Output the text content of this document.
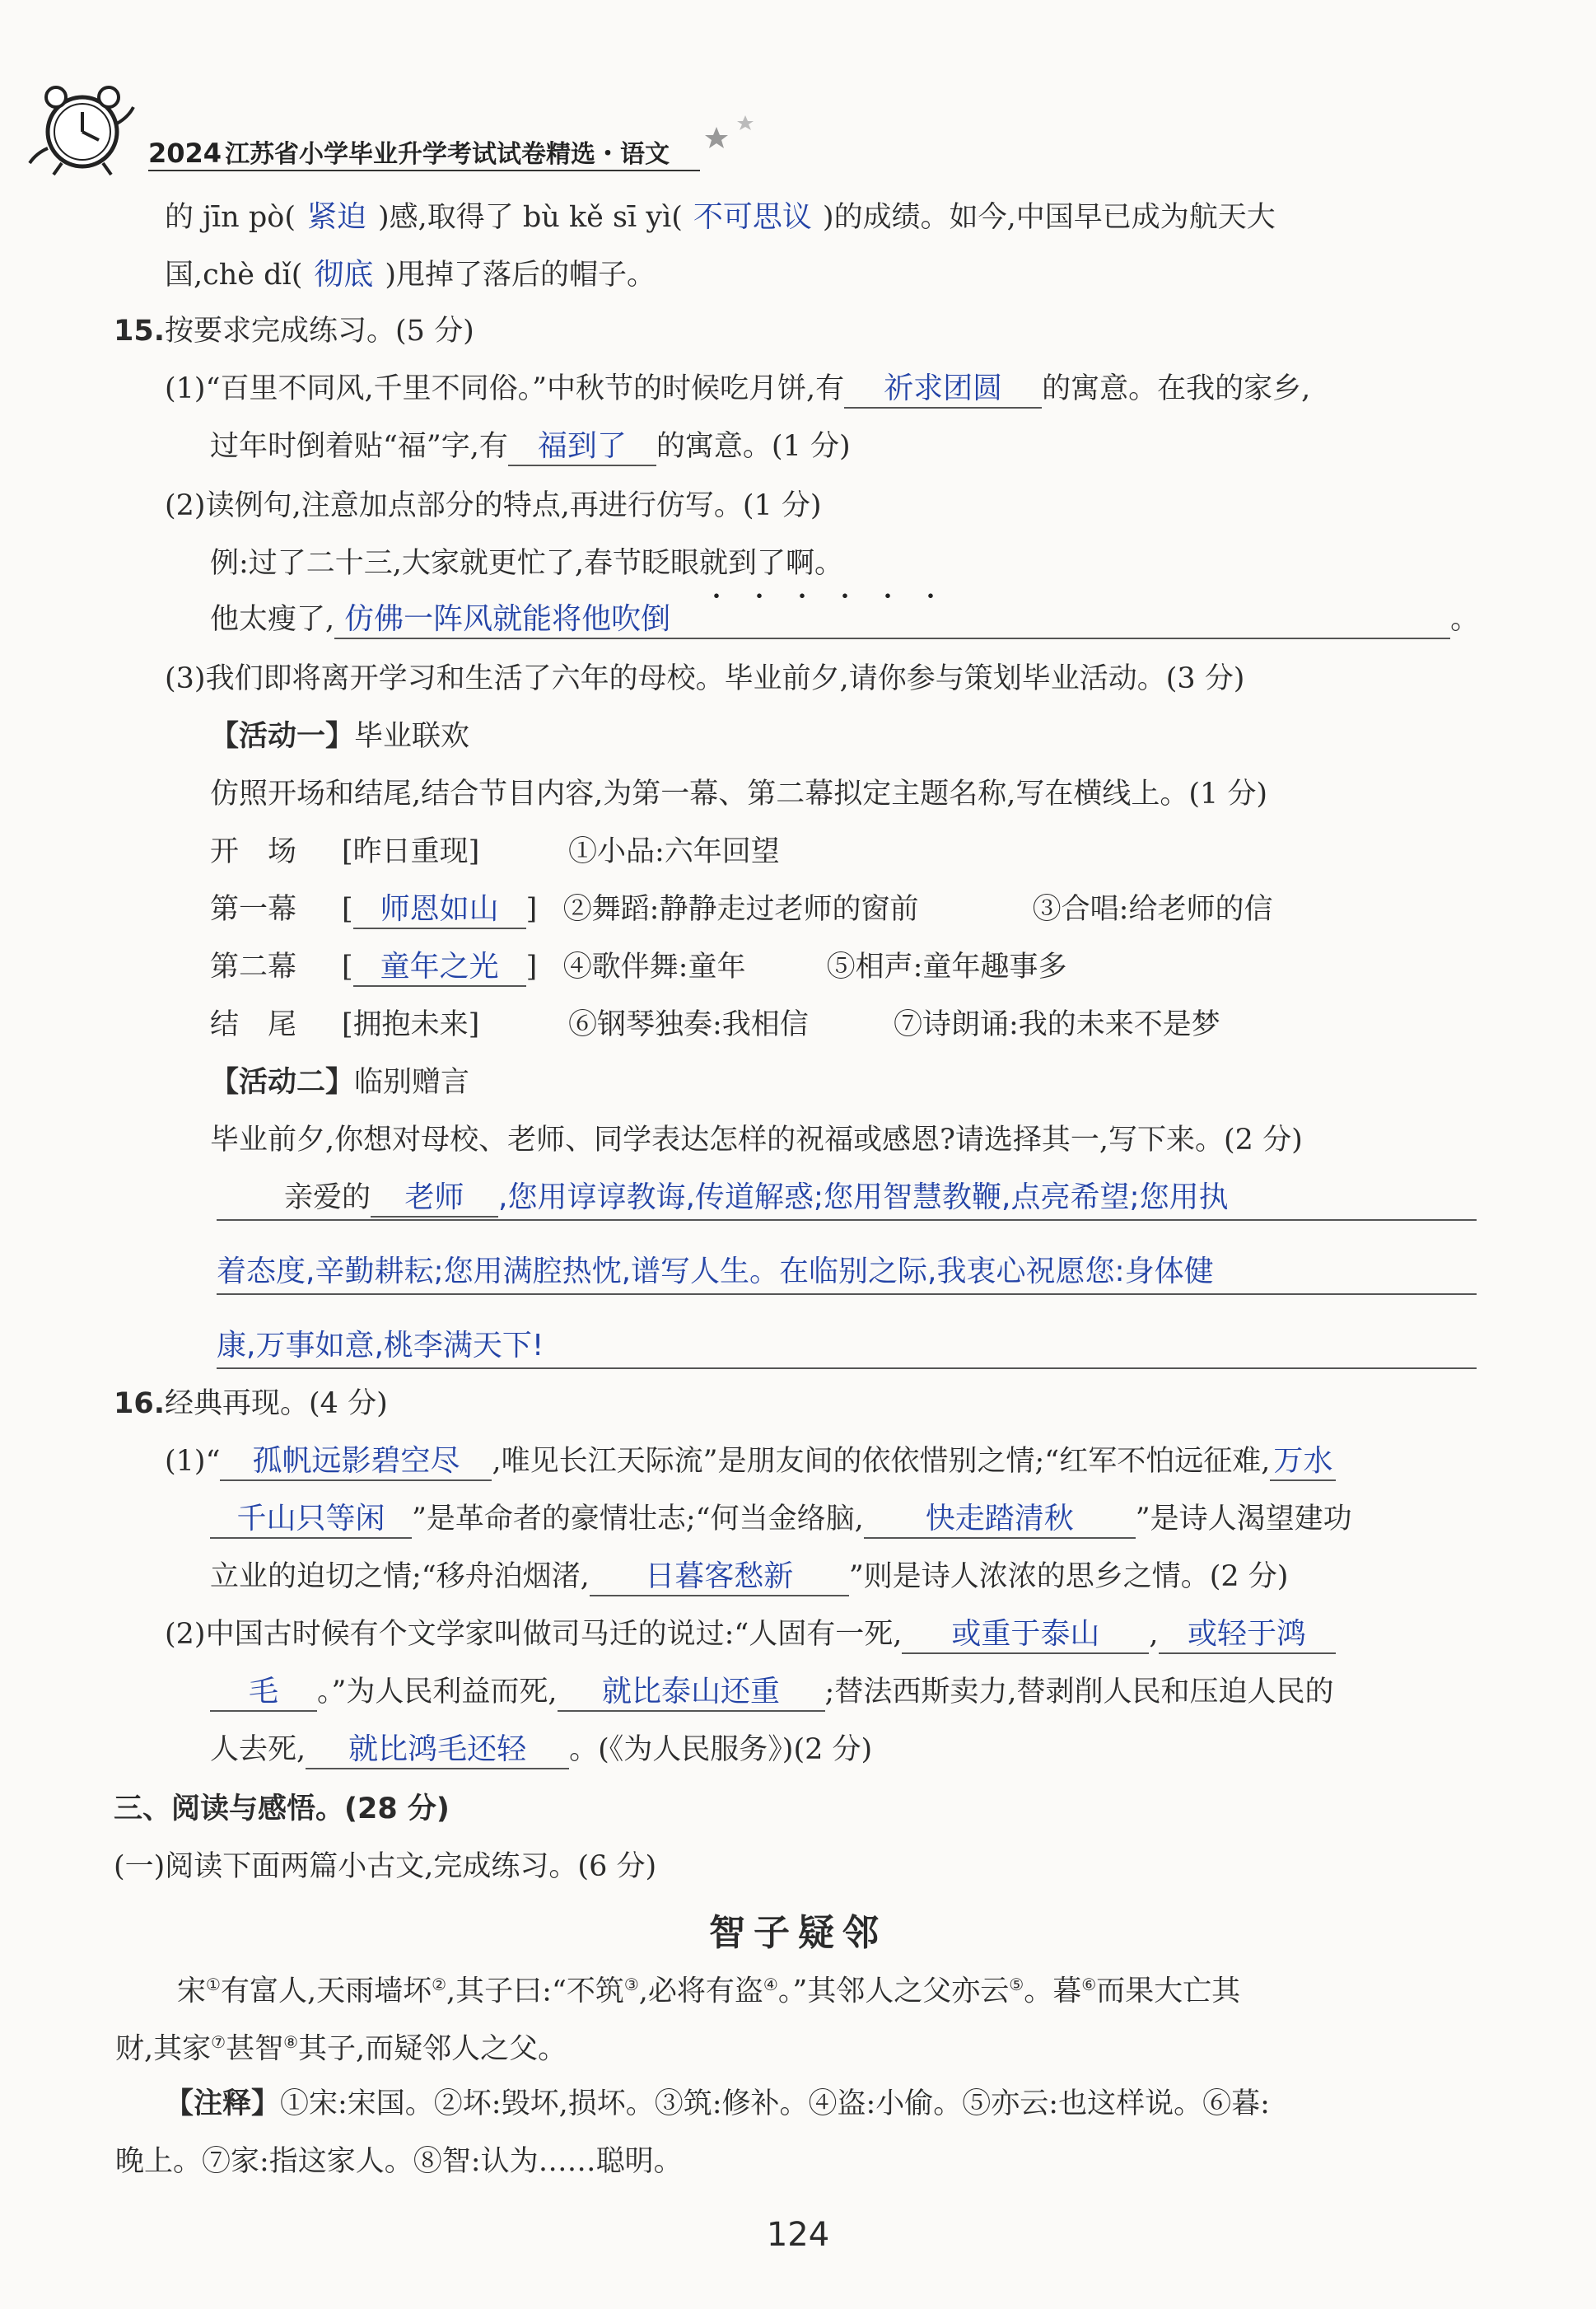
2024 江苏省小学毕业升学考试试卷精选・语文
的 jīn pò( 紧迫 )感,取得了 bù kě sī yì( 不可思议 )的成绩。如今,中国早已成为航天大
国,chè dǐ( 彻底 )甩掉了落后的帽子。
15.按要求完成练习。(5 分)
(1)“百里不同风,千里不同俗。”中秋节的时候吃月饼,有 祈求团圆 的寓意。在我的家乡,
过年时倒着贴“福”字,有 福到了 的寓意。(1 分)
(2)读例句,注意加点部分的特点,再进行仿写。(1 分)
例:过了二十三,大家就更忙了,春节眨眼就到了啊。
・・・・・・
他太瘦了, 仿佛一阵风就能将他吹倒	。
(3)我们即将离开学习和生活了六年的母校。毕业前夕,请你参与策划毕业活动。(3 分)
【活动一】毕业联欢
仿照开场和结尾,结合节目内容,为第一幕、第二幕拟定主题名称,写在横线上。(1 分)
开　场 [昨日重现]	①小品:六年回望
第一幕 [ 师恩如山 ] ②舞蹈:静静走过老师的窗前	③合唱:给老师的信
第二幕 [ 童年之光 ] ④歌伴舞:童年	⑤相声:童年趣事多
结　尾 [拥抱未来]	⑥钢琴独奏:我相信	⑦诗朗诵:我的未来不是梦
【活动二】临别赠言
毕业前夕,你想对母校、老师、同学表达怎样的祝福或感恩?请选择其一,写下来。(2 分)
亲爱的 老师 ,您用谆谆教诲,传道解惑;您用智慧教鞭,点亮希望;您用执
着态度,辛勤耕耘;您用满腔热忱,谱写人生。在临别之际,我衷心祝愿您:身体健
康,万事如意,桃李满天下!
16.经典再现。(4 分)
(1)“ 孤帆远影碧空尽 ,唯见长江天际流”是朋友间的依依惜别之情;“红军不怕远征难, 万水
千山只等闲 ”是革命者的豪情壮志;“何当金络脑, 快走踏清秋 ”是诗人渴望建功
立业的迫切之情;“移舟泊烟渚, 日暮客愁新 ”则是诗人浓浓的思乡之情。(2 分)
(2)中国古时候有个文学家叫做司马迁的说过:“人固有一死, 或重于泰山 , 或轻于鸿
毛 。”为人民利益而死, 就比泰山还重 ;替法西斯卖力,替剥削人民和压迫人民的
人去死, 就比鸿毛还轻 。(《为人民服务》)(2 分)
三、阅读与感悟。(28 分)
(一)阅读下面两篇小古文,完成练习。(6 分)
智子疑邻
宋①有富人,天雨墙坏②,其子曰:“不筑③,必将有盗④。”其邻人之父亦云⑤。暮⑥而果大亡其
财,其家⑦甚智⑧其子,而疑邻人之父。
【注释】①宋:宋国。②坏:毁坏,损坏。③筑:修补。④盗:小偷。⑤亦云:也这样说。⑥暮:
晚上。⑦家:指这家人。⑧智:认为……聪明。
124
